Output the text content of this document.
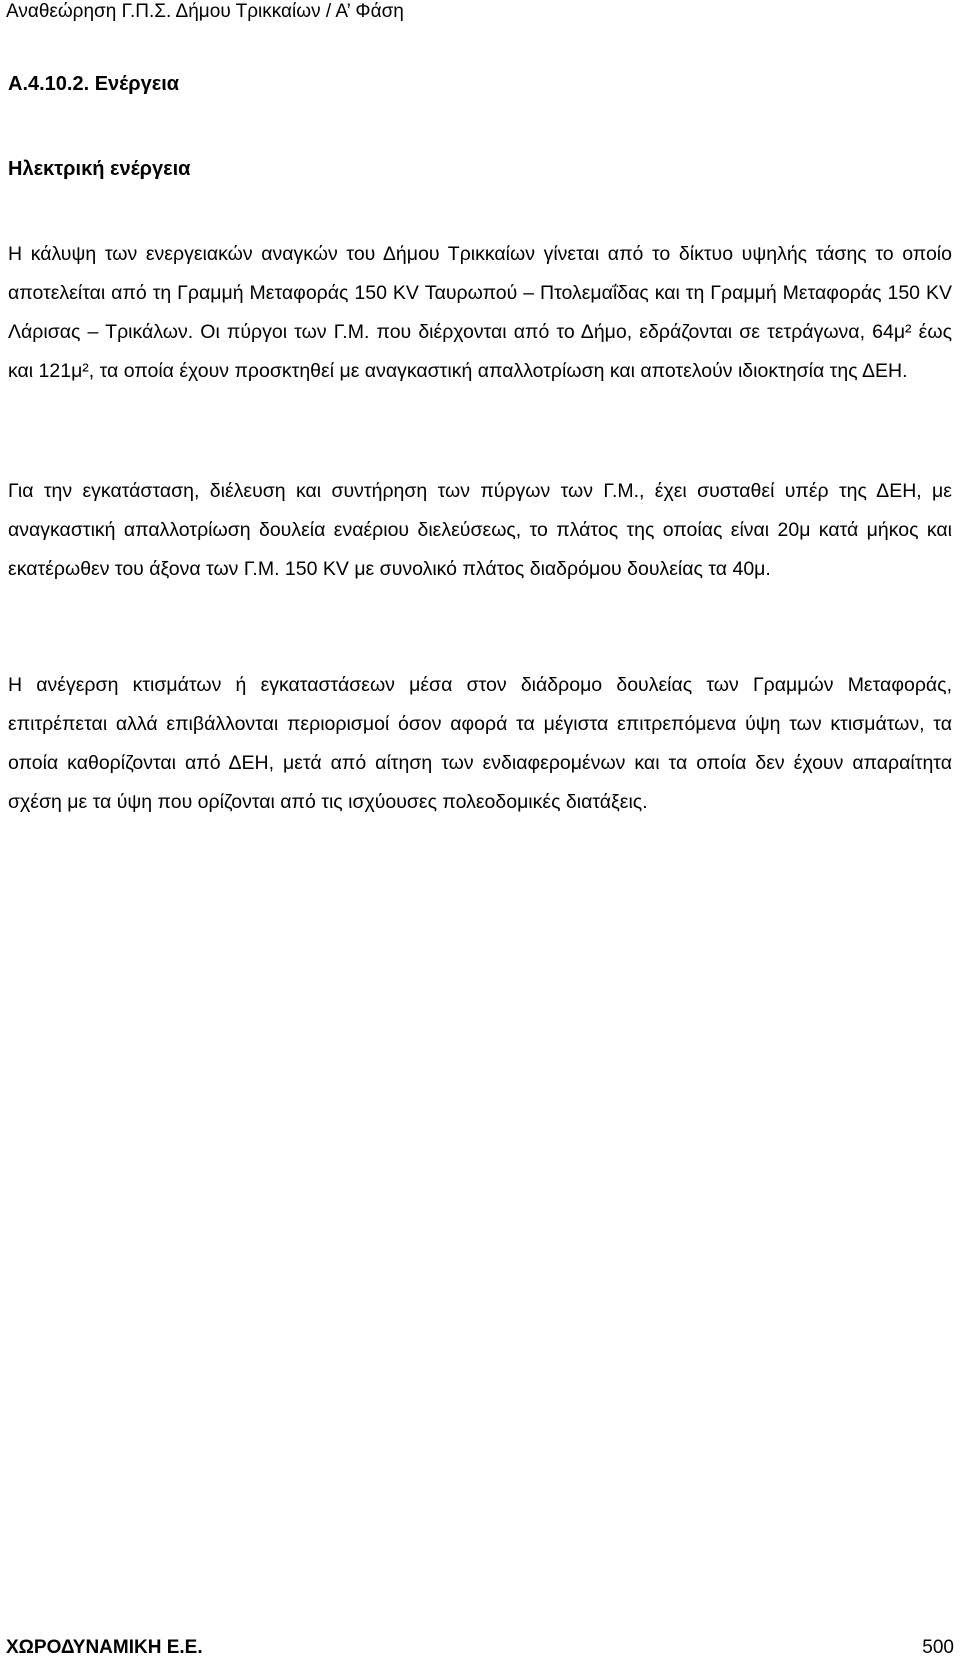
Αναθεώρηση Γ.Π.Σ. Δήμου Τρικκαίων / Α’ Φάση
Α.4.10.2. Ενέργεια
Ηλεκτρική ενέργεια

Η κάλυψη των ενεργειακών αναγκών του Δήμου Τρικκαίων γίνεται από το δίκτυο υψηλής τάσης το οποίο αποτελείται από τη Γραμμή Μεταφοράς 150 KV Ταυρωπού – Πτολεμαΐδας και τη Γραμμή Μεταφοράς 150 KV Λάρισας – Τρικάλων. Οι πύργοι των Γ.Μ. που διέρχονται από το Δήμο, εδράζονται σε τετράγωνα, 64μ² έως και 121μ², τα οποία έχουν προσκτηθεί με αναγκαστική απαλλοτρίωση και αποτελούν ιδιοκτησία της ΔΕΗ.

Για την εγκατάσταση, διέλευση και συντήρηση των πύργων των Γ.Μ., έχει συσταθεί υπέρ της ΔΕΗ, με αναγκαστική απαλλοτρίωση δουλεία εναέριου διελεύσεως, το πλάτος της οποίας είναι 20μ κατά μήκος και εκατέρωθεν του άξονα των Γ.Μ. 150 KV με συνολικό πλάτος διαδρόμου δουλείας τα 40μ.

Η ανέγερση κτισμάτων ή εγκαταστάσεων μέσα στον διάδρομο δουλείας των Γραμμών Μεταφοράς, επιτρέπεται αλλά επιβάλλονται περιορισμοί όσον αφορά τα μέγιστα επιτρεπόμενα ύψη των κτισμάτων, τα οποία καθορίζονται από ΔΕΗ, μετά από αίτηση των ενδιαφερομένων και τα οποία δεν έχουν απαραίτητα σχέση με τα ύψη που ορίζονται από τις ισχύουσες πολεοδομικές διατάξεις.

ΧΩΡΟΔΥΝΑΜΙΚΗ Ε.Ε.	500
